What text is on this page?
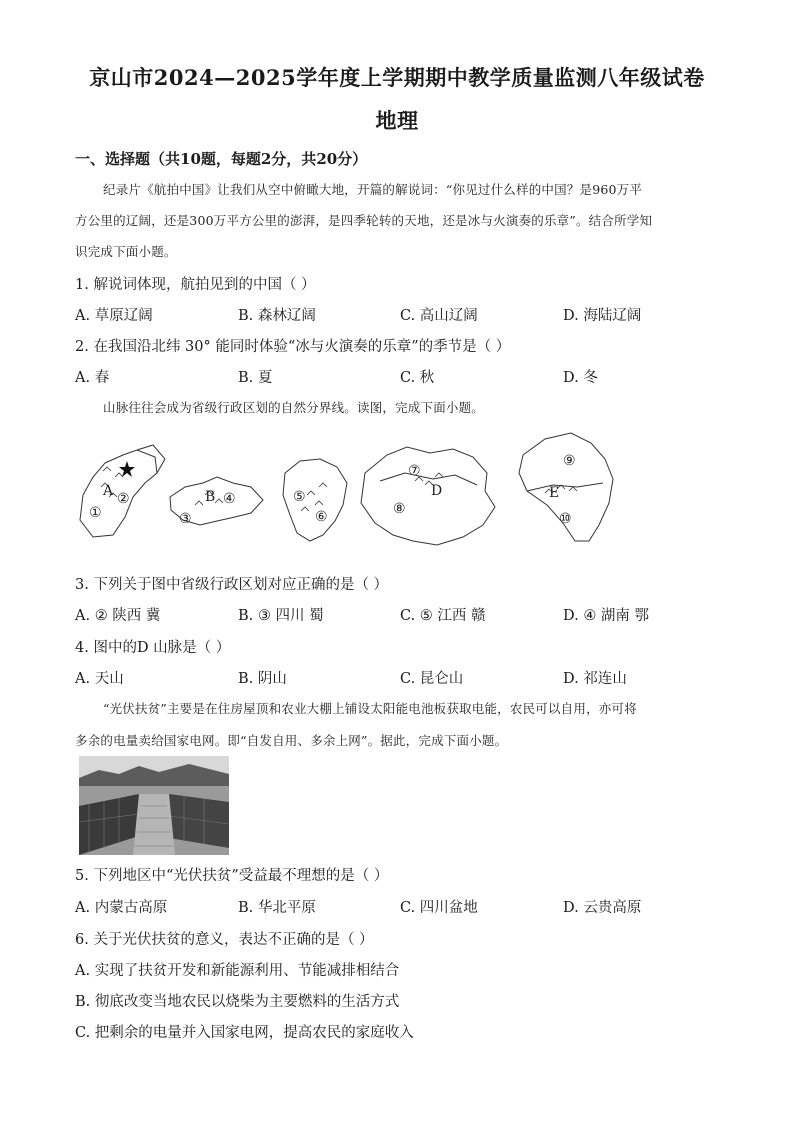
京山市2024—2025学年度上学期期中教学质量监测八年级试卷
地理
一、选择题（共10题，每题2分，共20分）
纪录片《航拍中国》让我们从空中俯瞰大地，开篇的解说词：“你见过什么样的中国？是960万平
方公里的辽阔，还是300万平方公里的澎湃，是四季轮转的天地，还是冰与火演奏的乐章”。结合所学知
识完成下面小题。
1. 解说词体现，航拍见到的中国（ ）
A. 草原辽阔	B. 森林辽阔	C. 高山辽阔	D. 海陆辽阔
2. 在我国沿北纬 30° 能同时体验“冰与火演奏的乐章”的季节是（ ）
A. 春	B. 夏	C. 秋	D. 冬
山脉往往会成为省级行政区划的自然分界线。读图，完成下面小题。
A ②
①
B ④
③
⑤
⑥
⑦
D
⑧
⑨
E
⑩
3. 下列关于图中省级行政区划对应正确的是（ ）
A. ② 陕西 冀	B. ③ 四川 蜀	C. ⑤ 江西 赣	D. ④ 湖南 鄂
4. 图中的D 山脉是（ ）
A. 天山	B. 阴山	C. 昆仑山	D. 祁连山
“光伏扶贫”主要是在住房屋顶和农业大棚上铺设太阳能电池板获取电能，农民可以自用，亦可将
多余的电量卖给国家电网。即“自发自用、多余上网”。据此，完成下面小题。
5. 下列地区中“光伏扶贫”受益最不理想的是（ ）
A. 内蒙古高原	B. 华北平原	C. 四川盆地	D. 云贵高原
6. 关于光伏扶贫的意义，表达不正确的是（ ）
A. 实现了扶贫开发和新能源利用、节能减排相结合
B. 彻底改变当地农民以烧柴为主要燃料的生活方式
C. 把剩余的电量并入国家电网，提高农民的家庭收入
